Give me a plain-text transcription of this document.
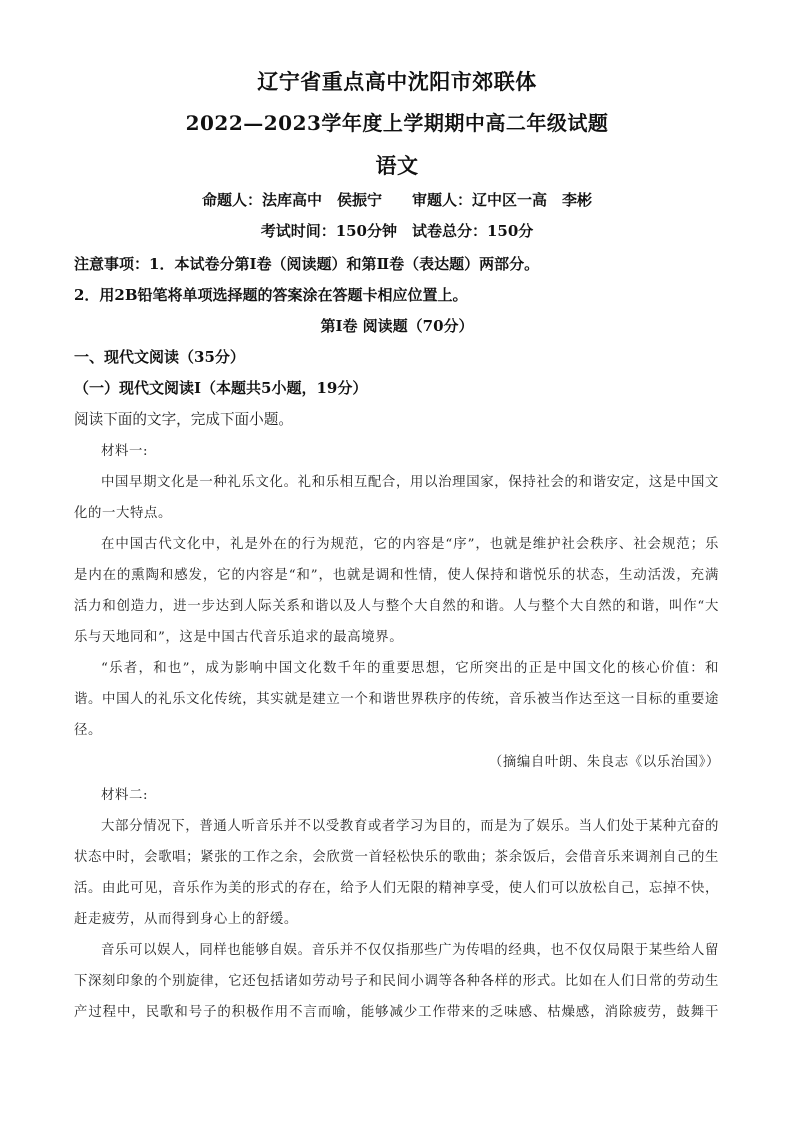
辽宁省重点高中沈阳市郊联体
2022—2023学年度上学期期中高二年级试题
语文
命题人：法库高中　侯振宁　　审题人：辽中区一高　李彬
考试时间：150分钟　试卷总分：150分
注意事项：1．本试卷分第Ⅰ卷（阅读题）和第Ⅱ卷（表达题）两部分。
2．用2B铅笔将单项选择题的答案涂在答题卡相应位置上。
第Ⅰ卷 阅读题（70分）
一、现代文阅读（35分）
（一）现代文阅读Ⅰ（本题共5小题，19分）
阅读下面的文字，完成下面小题。
材料一:
中国早期文化是一种礼乐文化。礼和乐相互配合，用以治理国家，保持社会的和谐安定，这是中国文
化的一大特点。
在中国古代文化中，礼是外在的行为规范，它的内容是“序”，也就是维护社会秩序、社会规范；乐
是内在的熏陶和感发，它的内容是“和”，也就是调和性情，使人保持和谐悦乐的状态，生动活泼，充满
活力和创造力，进一步达到人际关系和谐以及人与整个大自然的和谐。人与整个大自然的和谐，叫作“大
乐与天地同和”，这是中国古代音乐追求的最高境界。
“乐者，和也”，成为影响中国文化数千年的重要思想，它所突出的正是中国文化的核心价值：和
谐。中国人的礼乐文化传统，其实就是建立一个和谐世界秩序的传统，音乐被当作达至这一目标的重要途
径。
（摘编自叶朗、朱良志《以乐治国》）
材料二:
大部分情况下，普通人听音乐并不以受教育或者学习为目的，而是为了娱乐。当人们处于某种亢奋的
状态中时，会歌唱；紧张的工作之余，会欣赏一首轻松快乐的歌曲；茶余饭后，会借音乐来调剂自己的生
活。由此可见，音乐作为美的形式的存在，给予人们无限的精神享受，使人们可以放松自己，忘掉不快，
赶走疲劳，从而得到身心上的舒缓。
音乐可以娱人，同样也能够自娱。音乐并不仅仅指那些广为传唱的经典，也不仅仅局限于某些给人留
下深刻印象的个别旋律，它还包括诸如劳动号子和民间小调等各种各样的形式。比如在人们日常的劳动生
产过程中，民歌和号子的积极作用不言而喻，能够减少工作带来的乏味感、枯燥感，消除疲劳，鼓舞干
